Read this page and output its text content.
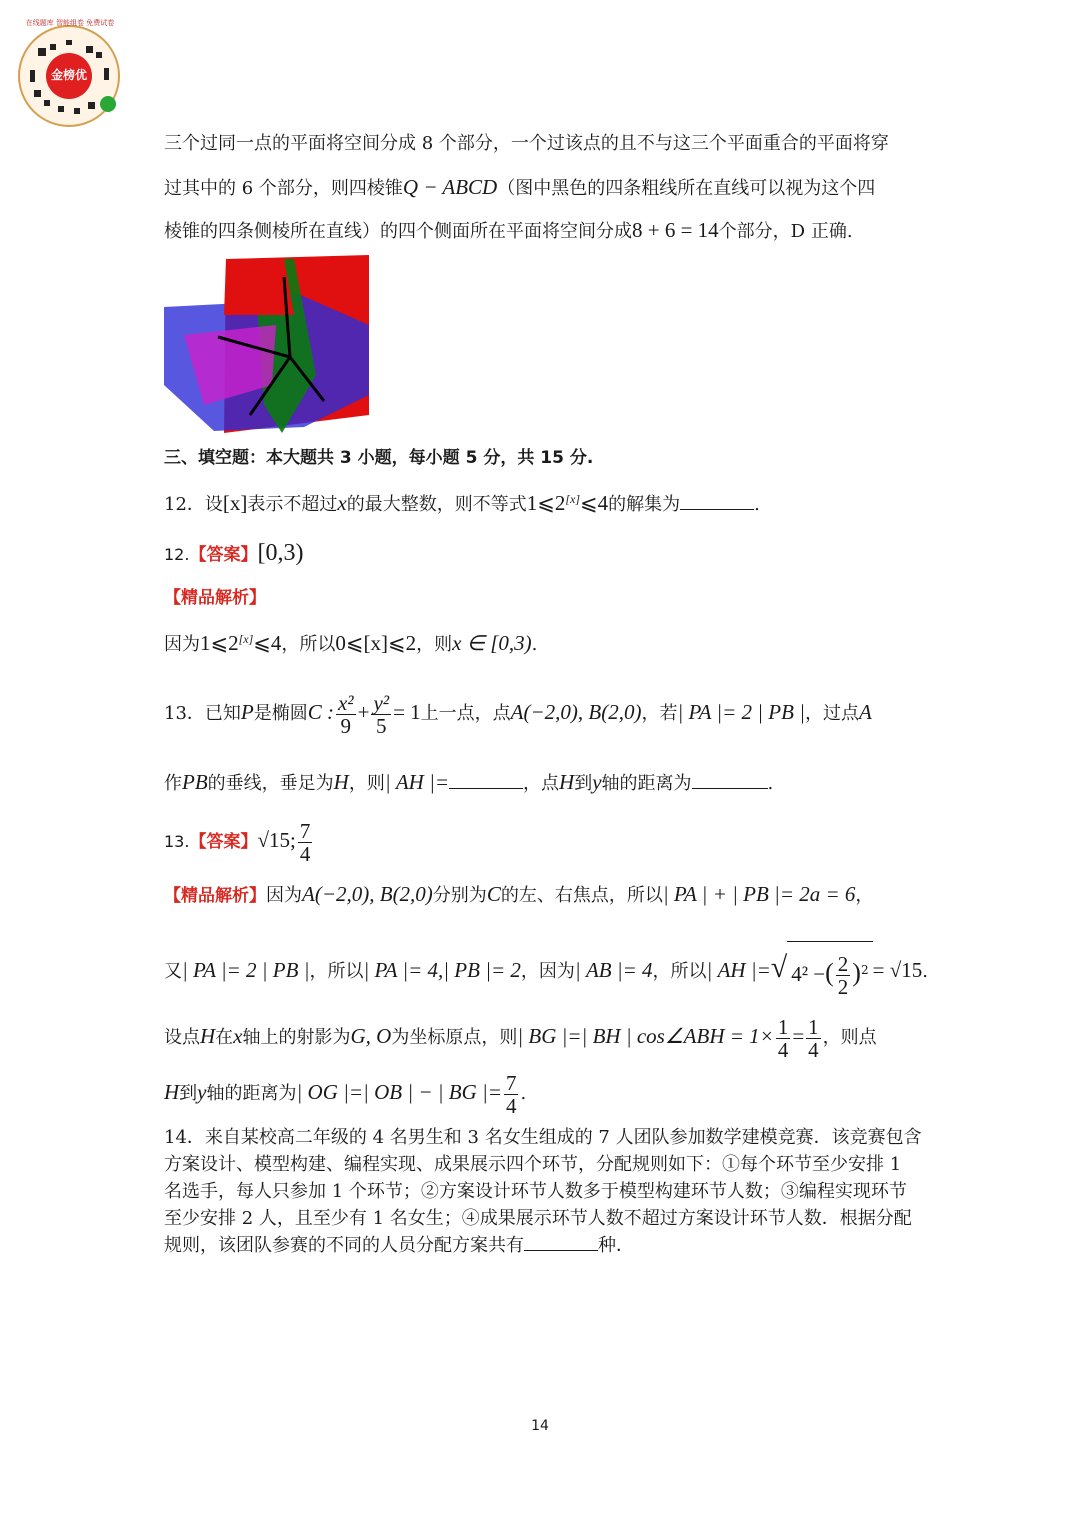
金榜优
在线题库 智能组卷 免费试卷
三个过同一点的平面将空间分成 8 个部分，一个过该点的且不与这三个平面重合的平面将穿
过其中的 6 个部分，则四棱锥Q − ABCD（图中黑色的四条粗线所在直线可以视为这个四
棱锥的四条侧棱所在直线）的四个侧面所在平面将空间分成8 + 6 = 14个部分，D 正确.
三、填空题：本大题共 3 小题，每小题 5 分，共 15 分.
12．设[x]表示不超过x的最大整数，则不等式1⩽2[x]⩽4的解集为	.
12.【答案】[0,3)
【精品解析】
因为1⩽2[x]⩽4，所以0⩽[x]⩽2，则x ∈ [0,3).
13．已知P是椭圆C : $\frac{\text{x²}}{9} + \frac{\text{y²}}{5} = 1$上一点，点A(−2,0), B(2,0)，若| PA |= 2 | PB |，过点A
作PB的垂线，垂足为H，则| AH |=	，点H到y轴的距离为	.
13.【答案】√15; $\frac{7}{4}$
【精品解析】因为A(−2,0), B(2,0)分别为C的左、右焦点，所以| PA | + | PB |= 2a = 6，
又| PA |= 2 | PB |，所以| PA |= 4,| PB |= 2，因为| AB |= 4，所以| AH |=√ 4² −( $\frac{2}{2} )^2 = √15$.
设点H在x轴上的射影为G, O为坐标原点，则| BG |=| BH | cos∠ABH = $1\times \frac{1}{4} = \frac{1}{4}$ ，则点
H到y轴的距离为| OG |=| OB | − | BG |= $\frac{7}{4}$ .
14．来自某校高二年级的 4 名男生和 3 名女生组成的 7 人团队参加数学建模竞赛．该竞赛包含方案设计、模型构建、编程实现、成果展示四个环节，分配规则如下：①每个环节至少安排 1 名选手，每人只参加 1 个环节；②方案设计环节人数多于模型构建环节人数；③编程实现环节至少安排 2 人，且至少有 1 名女生；④成果展示环节人数不超过方案设计环节人数．根据分配规则，该团队参赛的不同的人员分配方案共有	种．
14
